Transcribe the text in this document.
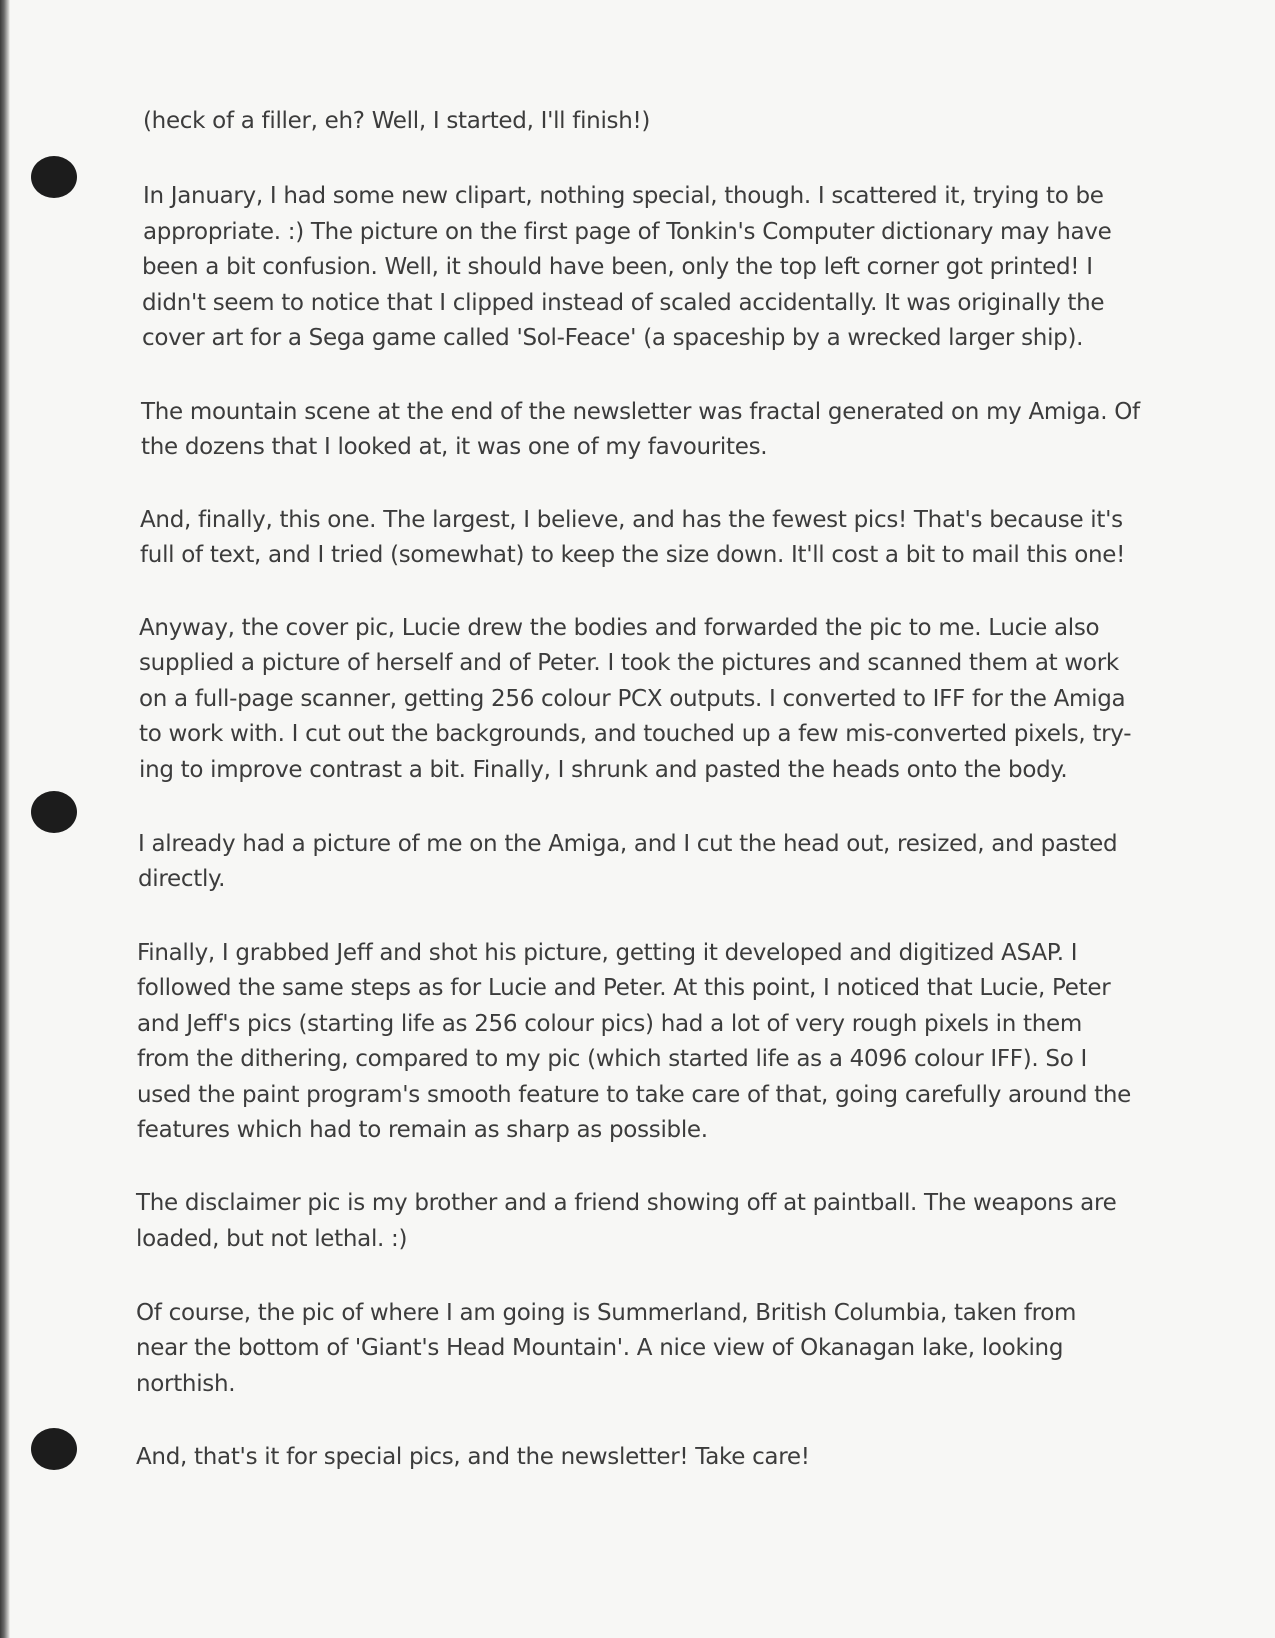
(heck of a filler, eh? Well, I started, I'll finish!)
In January, I had some new clipart, nothing special, though. I scattered it, trying to be
appropriate. :) The picture on the first page of Tonkin's Computer dictionary may have
been a bit confusion. Well, it should have been, only the top left corner got printed! I
didn't seem to notice that I clipped instead of scaled accidentally. It was originally the
cover art for a Sega game called 'Sol-Feace' (a spaceship by a wrecked larger ship).
The mountain scene at the end of the newsletter was fractal generated on my Amiga. Of
the dozens that I looked at, it was one of my favourites.
And, finally, this one. The largest, I believe, and has the fewest pics! That's because it's
full of text, and I tried (somewhat) to keep the size down. It'll cost a bit to mail this one!
Anyway, the cover pic, Lucie drew the bodies and forwarded the pic to me. Lucie also
supplied a picture of herself and of Peter. I took the pictures and scanned them at work
on a full-page scanner, getting 256 colour PCX outputs. I converted to IFF for the Amiga
to work with. I cut out the backgrounds, and touched up a few mis-converted pixels, try-
ing to improve contrast a bit. Finally, I shrunk and pasted the heads onto the body.
I already had a picture of me on the Amiga, and I cut the head out, resized, and pasted
directly.
Finally, I grabbed Jeff and shot his picture, getting it developed and digitized ASAP. I
followed the same steps as for Lucie and Peter. At this point, I noticed that Lucie, Peter
and Jeff's pics (starting life as 256 colour pics) had a lot of very rough pixels in them
from the dithering, compared to my pic (which started life as a 4096 colour IFF). So I
used the paint program's smooth feature to take care of that, going carefully around the
features which had to remain as sharp as possible.
The disclaimer pic is my brother and a friend showing off at paintball. The weapons are
loaded, but not lethal. :)
Of course, the pic of where I am going is Summerland, British Columbia, taken from
near the bottom of 'Giant's Head Mountain'. A nice view of Okanagan lake, looking
northish.
And, that's it for special pics, and the newsletter! Take care!
